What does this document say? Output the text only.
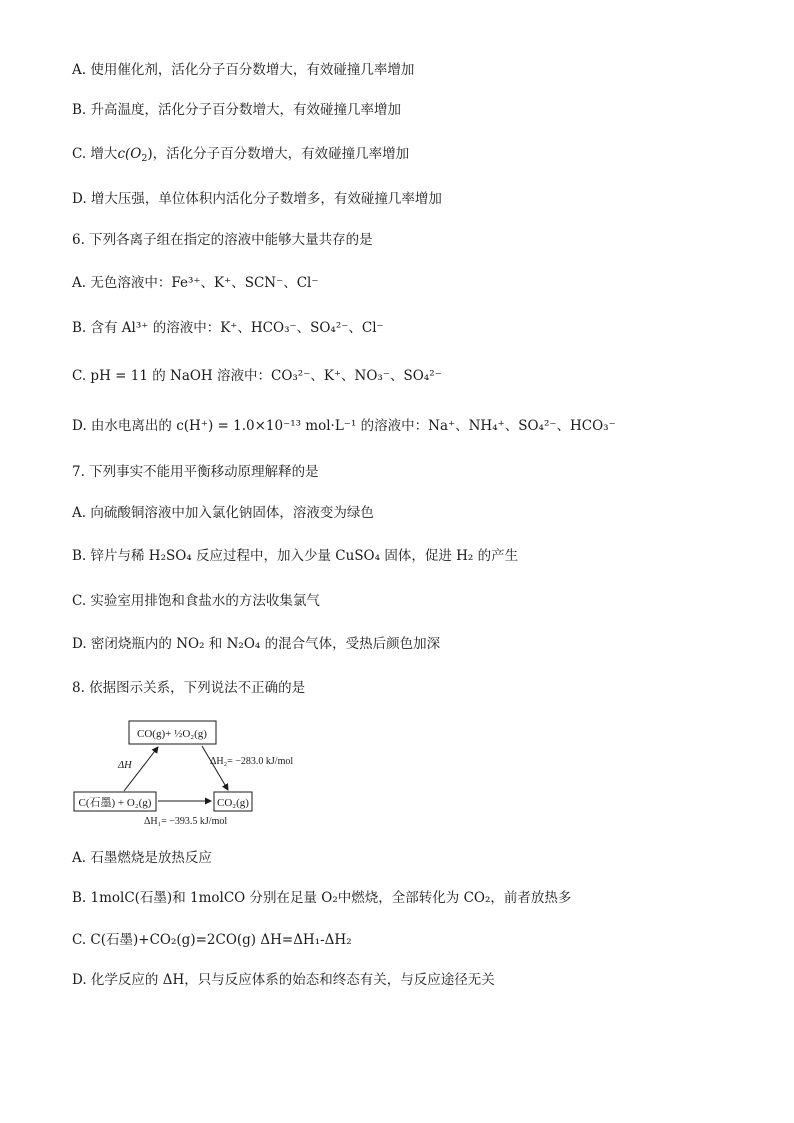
A. 使用催化剂，活化分子百分数增大，有效碰撞几率增加
B. 升高温度，活化分子百分数增大，有效碰撞几率增加
C. 增大$c(O_2)$，活化分子百分数增大，有效碰撞几率增加
D. 增大压强，单位体积内活化分子数增多，有效碰撞几率增加
6. 下列各离子组在指定的溶液中能够大量共存的是
A. 无色溶液中：Fe³⁺、K⁺、SCN⁻、Cl⁻
B. 含有 Al³⁺ 的溶液中：K⁺、HCO₃⁻、SO₄²⁻、Cl⁻
C. pH = 11 的 NaOH 溶液中：CO₃²⁻、K⁺、NO₃⁻、SO₄²⁻
D. 由水电离出的 c(H⁺) = 1.0×10⁻¹³ mol·L⁻¹ 的溶液中：Na⁺、NH₄⁺、SO₄²⁻、HCO₃⁻
7. 下列事实不能用平衡移动原理解释的是
A. 向硫酸铜溶液中加入氯化钠固体，溶液变为绿色
B. 锌片与稀 H₂SO₄ 反应过程中，加入少量 CuSO₄ 固体，促进 H₂ 的产生
C. 实验室用排饱和食盐水的方法收集氯气
D. 密闭烧瓶内的 NO₂ 和 N₂O₄ 的混合气体，受热后颜色加深
8. 依据图示关系，下列说法不正确的是
CO(g)+ ½O₂(g)
C(石墨) + O₂(g)	CO₂(g)
ΔH	ΔH₂= −283.0 kJ/mol
ΔH₁= −393.5 kJ/mol
A. 石墨燃烧是放热反应
B. 1molC(石墨)和 1molCO 分别在足量 O₂中燃烧，全部转化为 CO₂，前者放热多
C. C(石墨)+CO₂(g)=2CO(g) ΔH=ΔH₁-ΔH₂
D. 化学反应的 ΔH，只与反应体系的始态和终态有关，与反应途径无关
